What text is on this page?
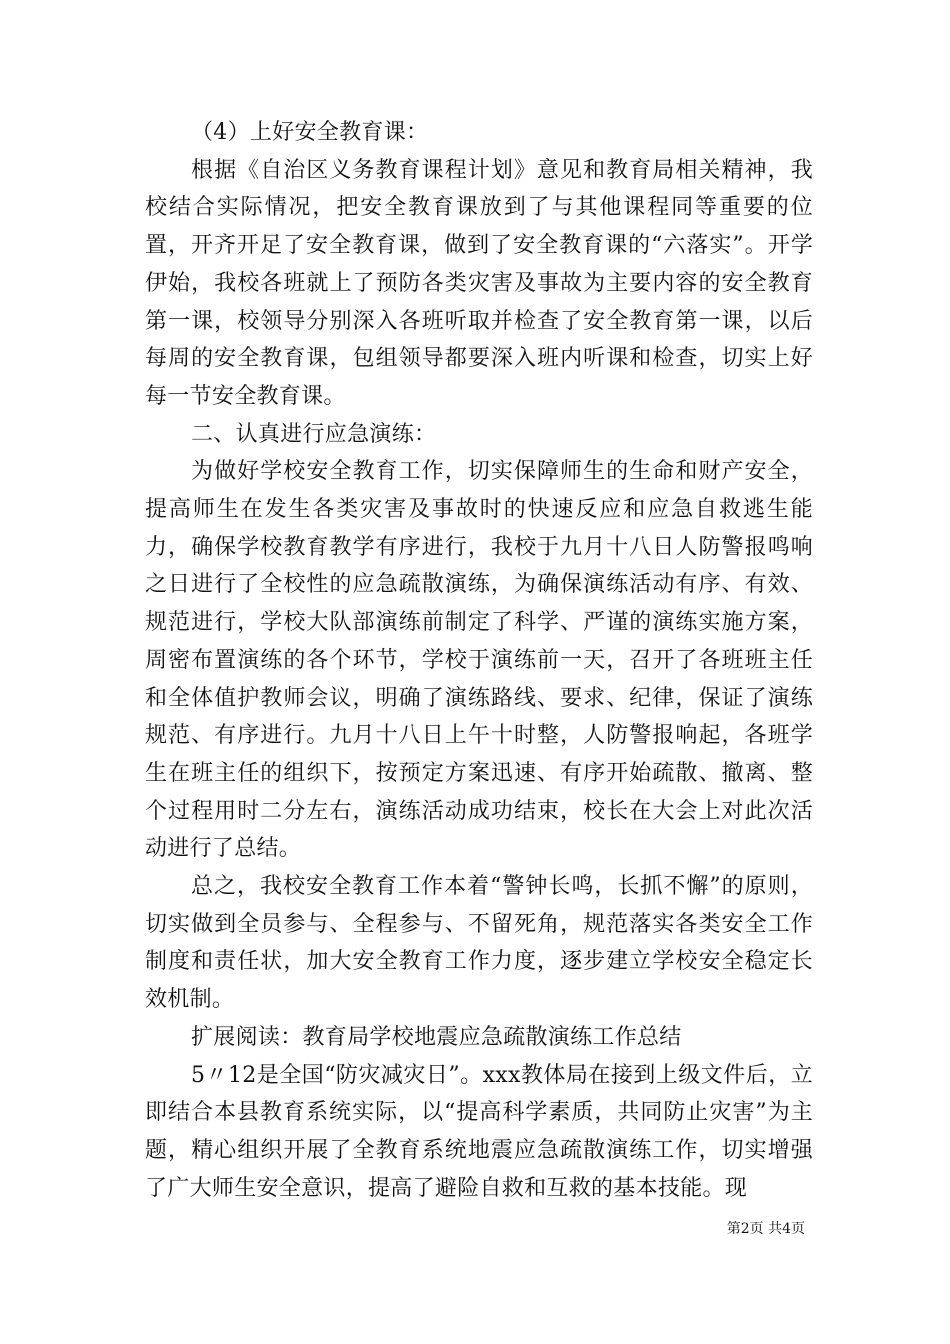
（4）上好安全教育课：

根据《自治区义务教育课程计划》意见和教育局相关精神，我校结合实际情况，把安全教育课放到了与其他课程同等重要的位置，开齐开足了安全教育课，做到了安全教育课的“六落实”。开学伊始，我校各班就上了预防各类灾害及事故为主要内容的安全教育第一课，校领导分别深入各班听取并检查了安全教育第一课，以后每周的安全教育课，包组领导都要深入班内听课和检查，切实上好每一节安全教育课。

二、认真进行应急演练：

为做好学校安全教育工作，切实保障师生的生命和财产安全，提高师生在发生各类灾害及事故时的快速反应和应急自救逃生能力，确保学校教育教学有序进行，我校于九月十八日人防警报鸣响之日进行了全校性的应急疏散演练，为确保演练活动有序、有效、规范进行，学校大队部演练前制定了科学、严谨的演练实施方案，周密布置演练的各个环节，学校于演练前一天，召开了各班班主任和全体值护教师会议，明确了演练路线、要求、纪律，保证了演练规范、有序进行。九月十八日上午十时整，人防警报响起，各班学生在班主任的组织下，按预定方案迅速、有序开始疏散、撤离、整个过程用时二分左右，演练活动成功结束，校长在大会上对此次活动进行了总结。

总之，我校安全教育工作本着“警钟长鸣，长抓不懈”的原则，切实做到全员参与、全程参与、不留死角，规范落实各类安全工作制度和责任状，加大安全教育工作力度，逐步建立学校安全稳定长效机制。

扩展阅读：教育局学校地震应急疏散演练工作总结

5〃12是全国“防灾减灾日”。xxx教体局在接到上级文件后，立即结合本县教育系统实际，以“提高科学素质，共同防止灾害”为主题，精心组织开展了全教育系统地震应急疏散演练工作，切实增强了广大师生安全意识，提高了避险自救和互救的基本技能。现

第2页 共4页
